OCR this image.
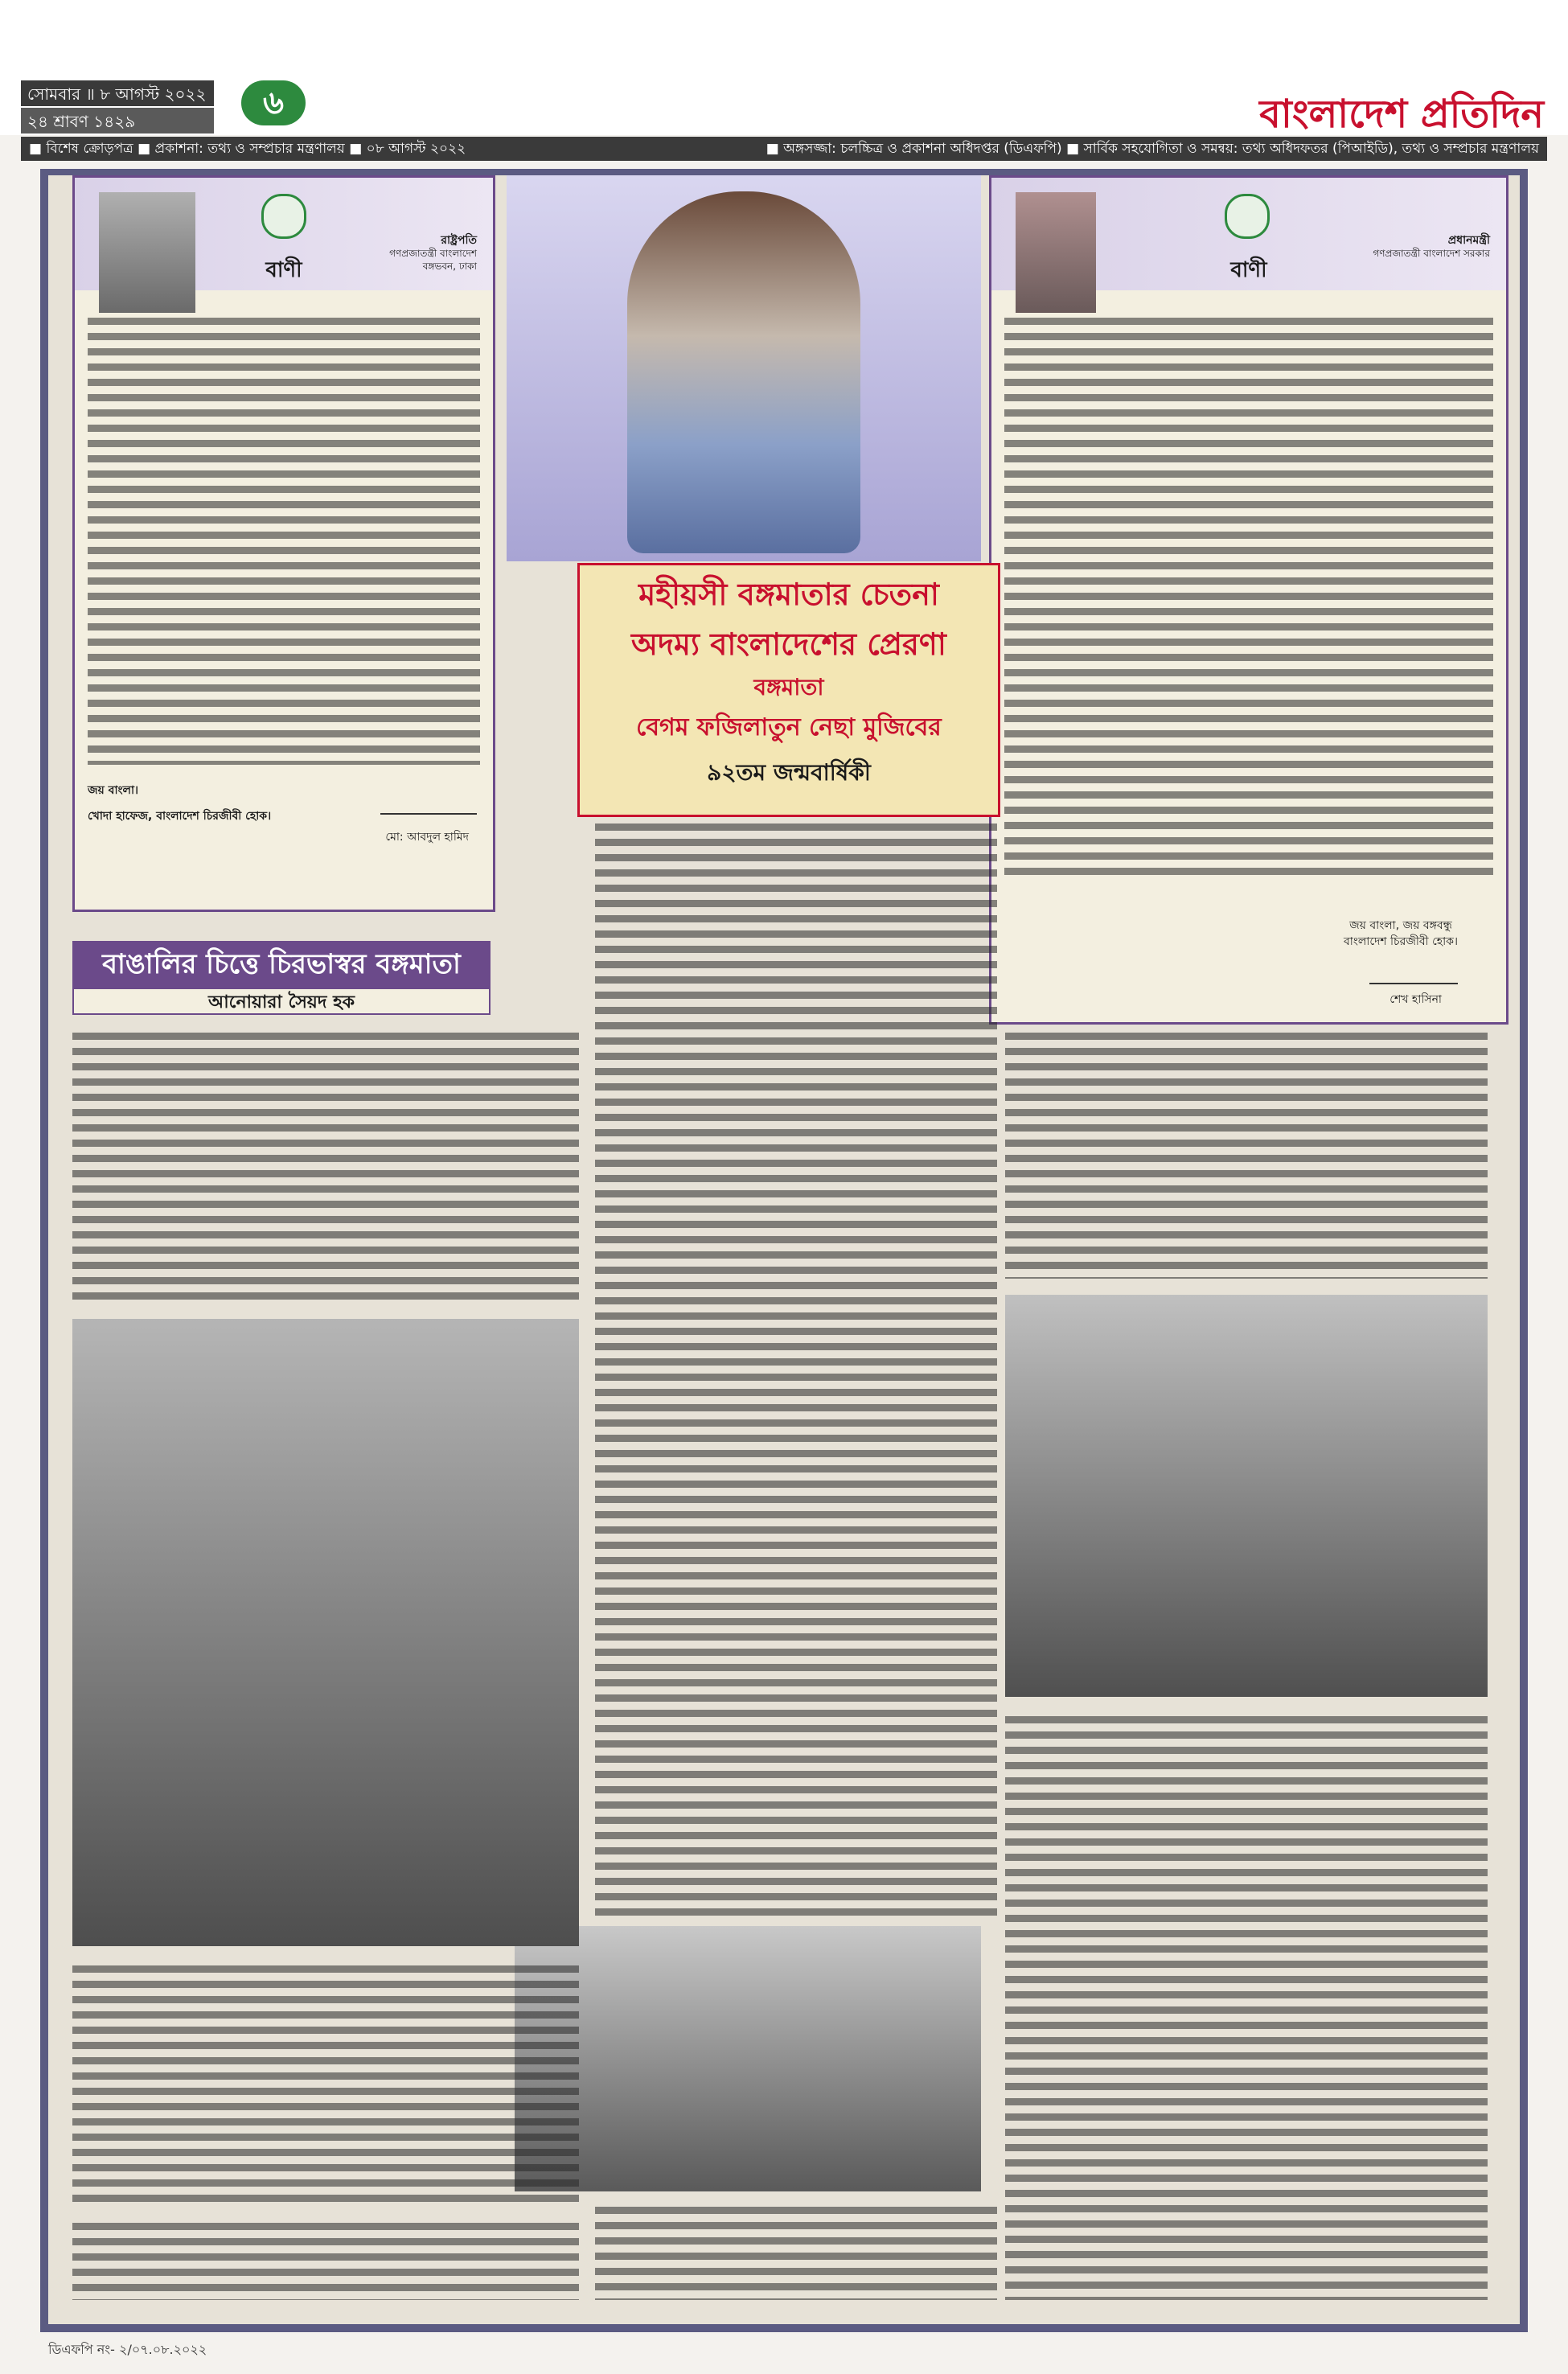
সোমবার ॥ ৮ আগস্ট ২০২২
২৪ শ্রাবণ ১৪২৯	৬	বাংলাদেশ প্রতিদিন
■ বিশেষ ক্রোড়পত্র ■ প্রকাশনা: তথ্য ও সম্প্রচার মন্ত্রণালয় ■ ০৮ আগস্ট ২০২২	■ অঙ্গসজ্জা: চলচ্চিত্র ও প্রকাশনা অধিদপ্তর (ডিএফপি) ■ সার্বিক সহযোগিতা ও সমন্বয়: তথ্য অধিদফতর (পিআইডি), তথ্য ও সম্প্রচার মন্ত্রণালয়
রাষ্ট্রপতি
গণপ্রজাতন্ত্রী বাংলাদেশ
বঙ্গভবন, ঢাকা
বাণী
জয় বাংলা।
খোদা হাফেজ, বাংলাদেশ চিরজীবী হোক।
মো: আবদুল হামিদ
প্রধানমন্ত্রী
গণপ্রজাতন্ত্রী বাংলাদেশ সরকার
বাণী
জয় বাংলা, জয় বঙ্গবন্ধু
বাংলাদেশ চিরজীবী হোক।
শেখ হাসিনা
মহীয়সী বঙ্গমাতার চেতনা
অদম্য বাংলাদেশের প্রেরণা
বঙ্গমাতা
বেগম ফজিলাতুন নেছা মুজিবের
৯২তম জন্মবার্ষিকী
বাঙালির চিত্তে চিরভাস্বর বঙ্গমাতা
আনোয়ারা সৈয়দ হক
ডিএফপি নং- ২/০৭.০৮.২০২২
